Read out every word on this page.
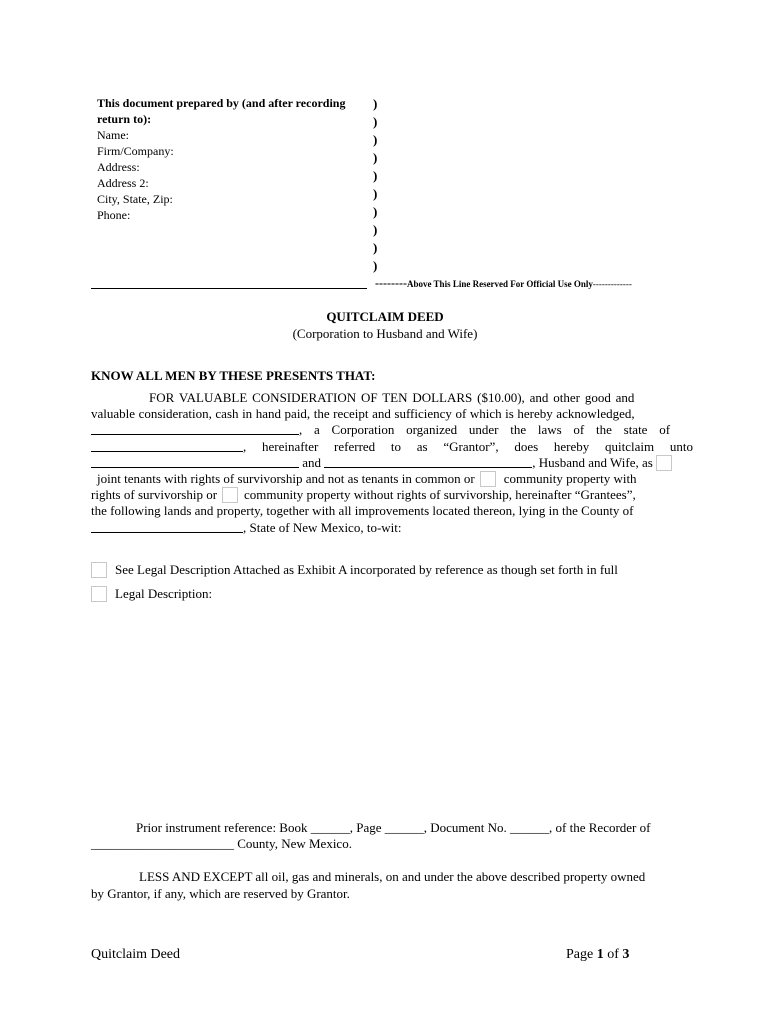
This document prepared by (and after recording
return to):
Name:
Firm/Company:
Address:
Address 2:
City, State, Zip:
Phone:
)
)
)
)
)
)
)
)
)
)
--------Above This Line Reserved For Official Use Only-------------
QUITCLAIM DEED
(Corporation to Husband and Wife)
KNOW ALL MEN BY THESE PRESENTS THAT:
FOR VALUABLE CONSIDERATION OF TEN DOLLARS ($10.00), and other good and
valuable consideration, cash in hand paid, the receipt and sufficiency of which is hereby acknowledged,
, a Corporation organized under the laws of the state of
, hereinafter referred to as “Grantor”, does hereby quitclaim unto
and	, Husband and Wife, as
joint tenants with rights of survivorship and not as tenants in common or community property with
rights of survivorship or community property without rights of survivorship, hereinafter “Grantees”,
the following lands and property, together with all improvements located thereon, lying in the County of
, State of New Mexico, to-wit:
See Legal Description Attached as Exhibit A incorporated by reference as though set forth in full
Legal Description:
Prior instrument reference: Book ______, Page ______, Document No. ______, of the Recorder of
______________________ County, New Mexico.
LESS AND EXCEPT all oil, gas and minerals, on and under the above described property owned
by Grantor, if any, which are reserved by Grantor.
Quitclaim Deed	Page 1 of 3
